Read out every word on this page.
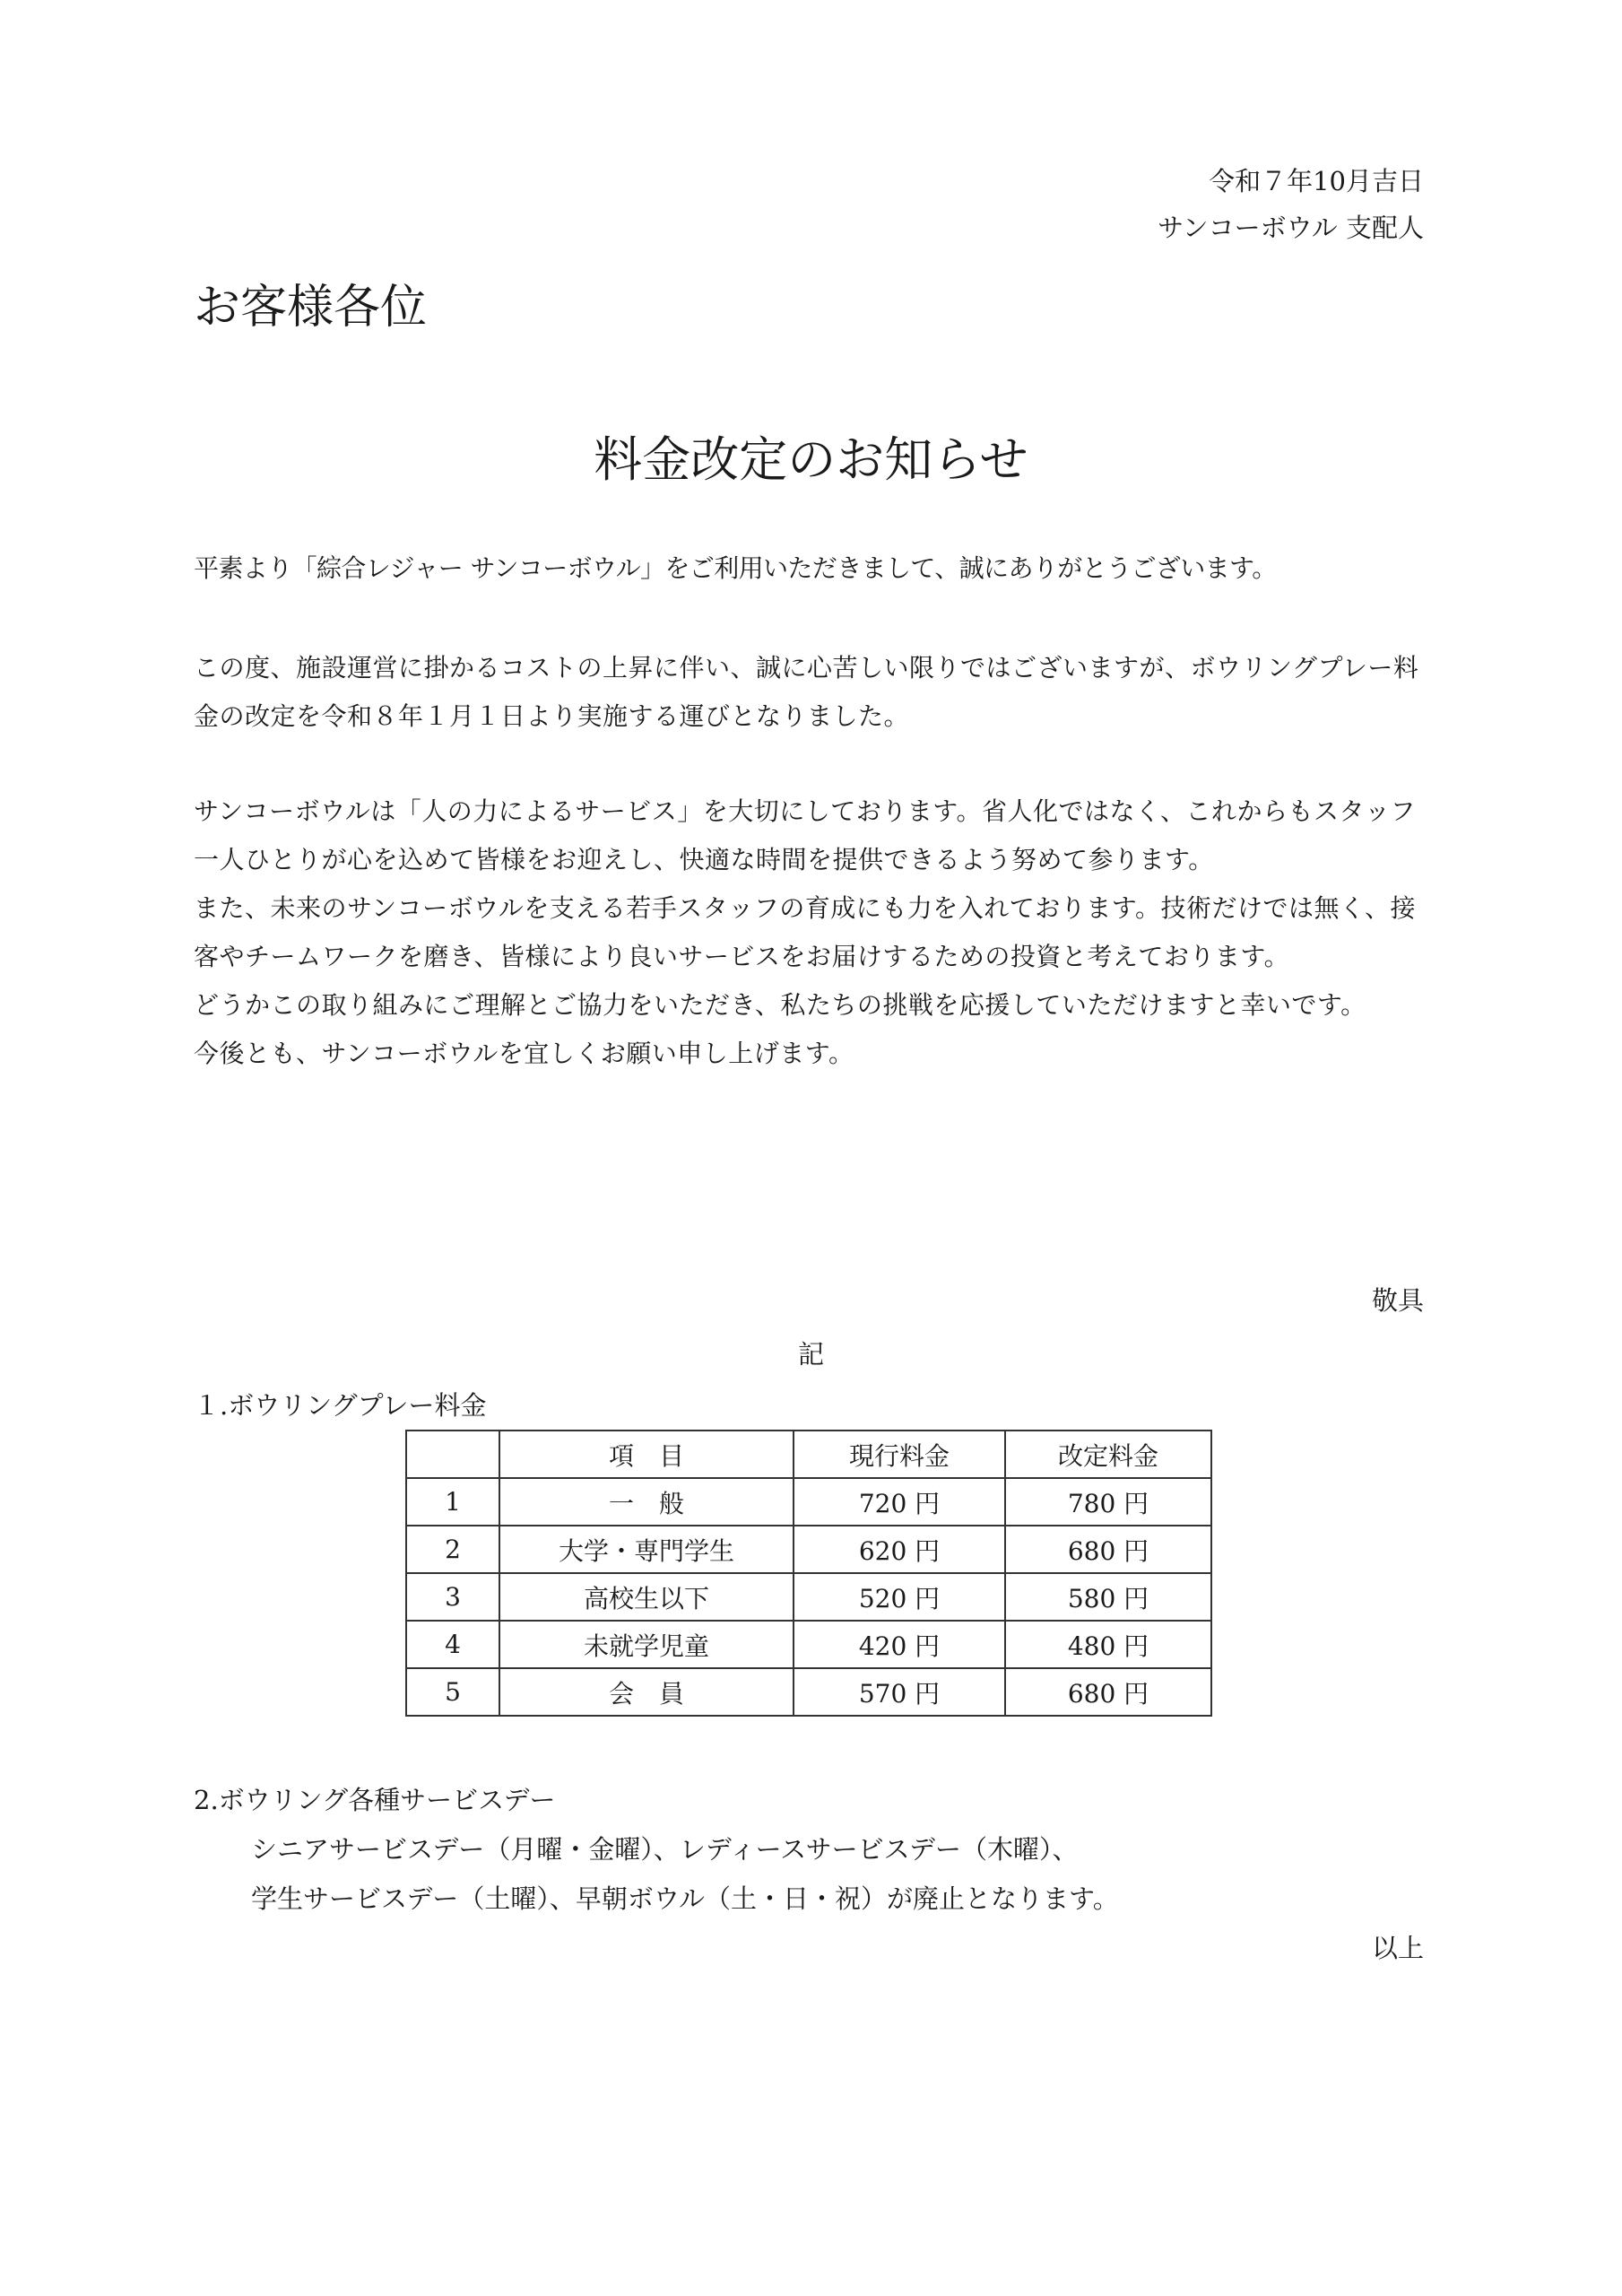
令和７年10月吉日
サンコーボウル 支配人
お客様各位
料金改定のお知らせ
平素より「綜合レジャー サンコーボウル」をご利用いただきまして、誠にありがとうございます。
この度、施設運営に掛かるコストの上昇に伴い、誠に心苦しい限りではございますが、ボウリングプレー料金の改定を令和８年１月１日より実施する運びとなりました。
サンコーボウルは「人の力によるサービス」を大切にしております。省人化ではなく、これからもスタッフ一人ひとりが心を込めて皆様をお迎えし、快適な時間を提供できるよう努めて参ります。
また、未来のサンコーボウルを支える若手スタッフの育成にも力を入れております。技術だけでは無く、接客やチームワークを磨き、皆様により良いサービスをお届けするための投資と考えております。
どうかこの取り組みにご理解とご協力をいただき、私たちの挑戦を応援していただけますと幸いです。
今後とも、サンコーボウルを宜しくお願い申し上げます。
敬具
記
１.ボウリングプレー料金
	項　目	現行料金	改定料金
1	一　般	720 円	780 円
2	大学・専門学生	620 円	680 円
3	高校生以下	520 円	580 円
4	未就学児童	420 円	480 円
5	会　員	570 円	680 円
2.ボウリング各種サービスデー
シニアサービスデー（月曜・金曜）、レディースサービスデー（木曜）、
学生サービスデー（土曜）、早朝ボウル（土・日・祝）が廃止となります。
以上
